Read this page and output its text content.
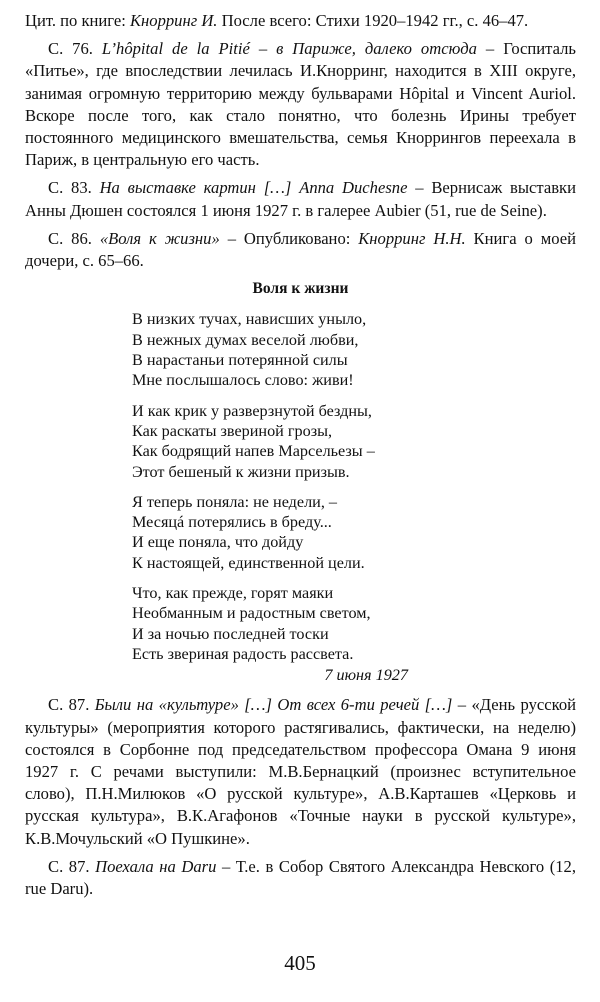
Цит. по книге: Кнорринг И. После всего: Стихи 1920–1942 гг., с. 46–47.

С. 76. L’hôpital de la Pitié – в Париже, далеко отсюда – Госпиталь «Питье», где впоследствии лечилась И.Кнорринг, находится в XIII округе, занимая огромную территорию между бульварами Hôpital и Vincent Auriol. Вскоре после того, как стало понятно, что болезнь Ирины требует постоянного медицинского вмешательства, семья Кноррингов переехала в Париж, в центральную его часть.

С. 83. На выставке картин […] Anna Duchesne – Вернисаж выставки Анны Дюшен состоялся 1 июня 1927 г. в галерее Aubier (51, rue de Seine).

С. 86. «Воля к жизни» – Опубликовано: Кнорринг Н.Н. Книга о моей дочери, с. 65–66.

Воля к жизни
В низких тучах, нависших уныло,
В нежных думах веселой любви,
В нарастаньи потерянной силы
Мне послышалось слово: живи!
И как крик у разверзнутой бездны,
Как раскаты звериной грозы,
Как бодрящий напев Марсельезы –
Этот бешеный к жизни призыв.
Я теперь поняла: не недели, –
Месяцá потерялись в бреду...
И еще поняла, что дойду
К настоящей, единственной цели.
Что, как прежде, горят маяки
Необманным и радостным светом,
И за ночью последней тоски
Есть звериная радость рассвета.
7 июня 1927

С. 87. Были на «культуре» […] От всех 6-ти речей […] – «День русской культуры» (мероприятия которого растягивались, фактически, на неделю) состоялся в Сорбонне под председательством профессора Омана 9 июня 1927 г. С речами выступили: М.В.Бернацкий (произнес вступительное слово), П.Н.Милюков «О русской культуре», А.В.Карташев «Церковь и русская культура», В.К.Агафонов «Точные науки в русской культуре», К.В.Мочульский «О Пушкине».

С. 87. Поехала на Daru – Т.е. в Собор Святого Александра Невского (12, rue Daru).

405
